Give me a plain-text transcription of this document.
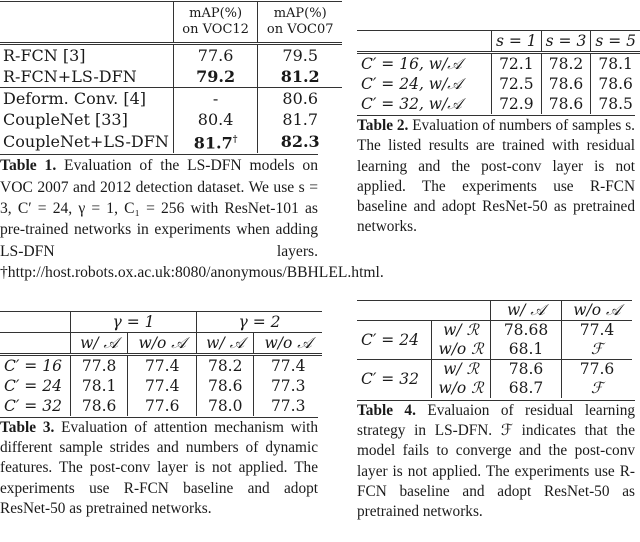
	mAP(%)
on VOC12	mAP(%)
on VOC07
R-FCN [3]	77.6	79.5
R-FCN+LS-DFN	79.2	81.2
Deform. Conv. [4]	-	80.6
CoupleNet [33]	80.4	81.7
CoupleNet+LS-DFN	81.7†	82.3
Table 1. Evaluation of the LS-DFN models on VOC 2007 and 2012 detection dataset. We use s = 3, C′ = 24, γ = 1, C₁ = 256 with ResNet-101 as pre-trained networks in experiments when adding LS-DFN layers. †http://host.robots.ox.ac.uk:8080/anonymous/BBHLEL.html.
	s = 1	s = 3	s = 5
C′ = 16, w/𝒜	72.1	78.2	78.1
C′ = 24, w/𝒜	72.5	78.6	78.6
C′ = 32, w/𝒜	72.9	78.6	78.5
Table 2. Evaluation of numbers of samples s. The listed results are trained with residual learning and the post-conv layer is not applied. The experiments use R-FCN baseline and adopt ResNet-50 as pretrained networks.
	γ = 1		γ = 2	
	w/ 𝒜	w/o 𝒜	w/ 𝒜	w/o 𝒜
C′ = 16	77.8	77.4	78.2	77.4
C′ = 24	78.1	77.4	78.6	77.3
C′ = 32	78.6	77.6	78.0	77.3
Table 3. Evaluation of attention mechanism with different sample strides and numbers of dynamic features. The post-conv layer is not applied. The experiments use R-FCN baseline and adopt ResNet-50 as pretrained networks.
		w/ 𝒜	w/o 𝒜
C′ = 24	w/ ℛ	78.68	77.4
	w/o ℛ	68.1	ℱ
C′ = 32	w/ ℛ	78.6	77.6
	w/o ℛ	68.7	ℱ
Table 4. Evaluaion of residual learning strategy in LS-DFN. ℱ indicates that the model fails to converge and the post-conv layer is not applied. The experiments use R-FCN baseline and adopt ResNet-50 as pretrained networks.
